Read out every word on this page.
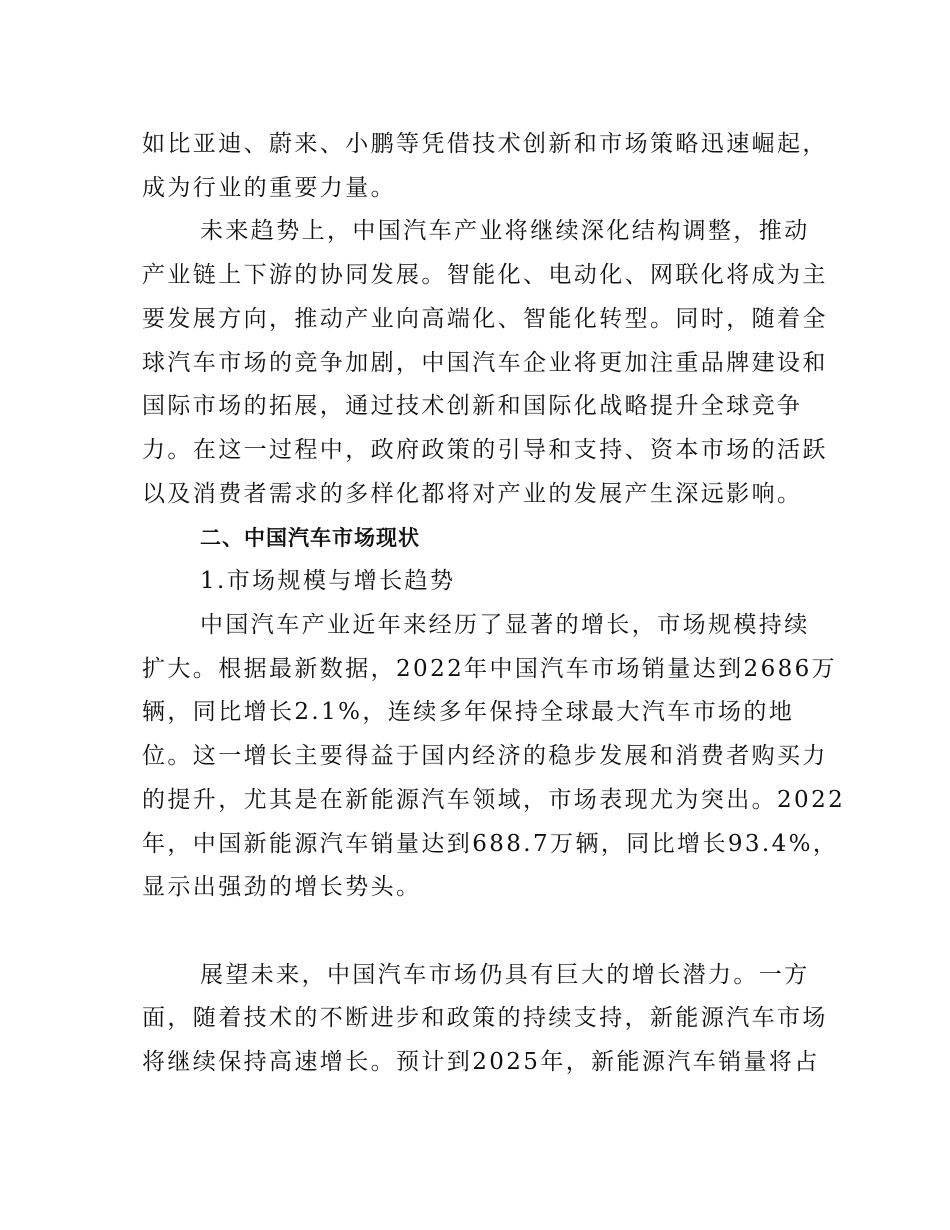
如比亚迪、蔚来、小鹏等凭借技术创新和市场策略迅速崛起，
成为行业的重要力量。
未来趋势上，中国汽车产业将继续深化结构调整，推动
产业链上下游的协同发展。智能化、电动化、网联化将成为主
要发展方向，推动产业向高端化、智能化转型。同时，随着全
球汽车市场的竞争加剧，中国汽车企业将更加注重品牌建设和
国际市场的拓展，通过技术创新和国际化战略提升全球竞争
力。在这一过程中，政府政策的引导和支持、资本市场的活跃
以及消费者需求的多样化都将对产业的发展产生深远影响。
二、中国汽车市场现状
1.市场规模与增长趋势
中国汽车产业近年来经历了显著的增长，市场规模持续
扩大。根据最新数据，2022年中国汽车市场销量达到2686万
辆，同比增长2.1%，连续多年保持全球最大汽车市场的地
位。这一增长主要得益于国内经济的稳步发展和消费者购买力
的提升，尤其是在新能源汽车领域，市场表现尤为突出。2022
年，中国新能源汽车销量达到688.7万辆，同比增长93.4%，
显示出强劲的增长势头。
展望未来，中国汽车市场仍具有巨大的增长潜力。一方
面，随着技术的不断进步和政策的持续支持，新能源汽车市场
将继续保持高速增长。预计到2025年，新能源汽车销量将占
